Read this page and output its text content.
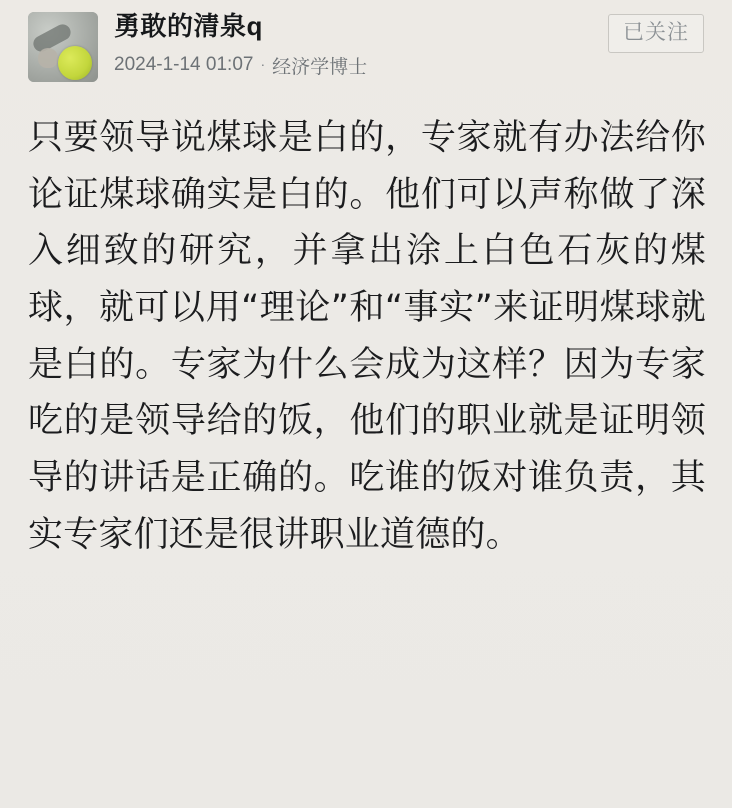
勇敢的清泉q
2024-1-14 01:07 · 经济学博士
已关注
只要领导说煤球是白的，专家就有办法给你论证煤球确实是白的。他们可以声称做了深入细致的研究，并拿出涂上白色石灰的煤球，就可以用“理论”和“事实”来证明煤球就是白的。专家为什么会成为这样？因为专家吃的是领导给的饭，他们的职业就是证明领导的讲话是正确的。吃谁的饭对谁负责，其实专家们还是很讲职业道德的。
